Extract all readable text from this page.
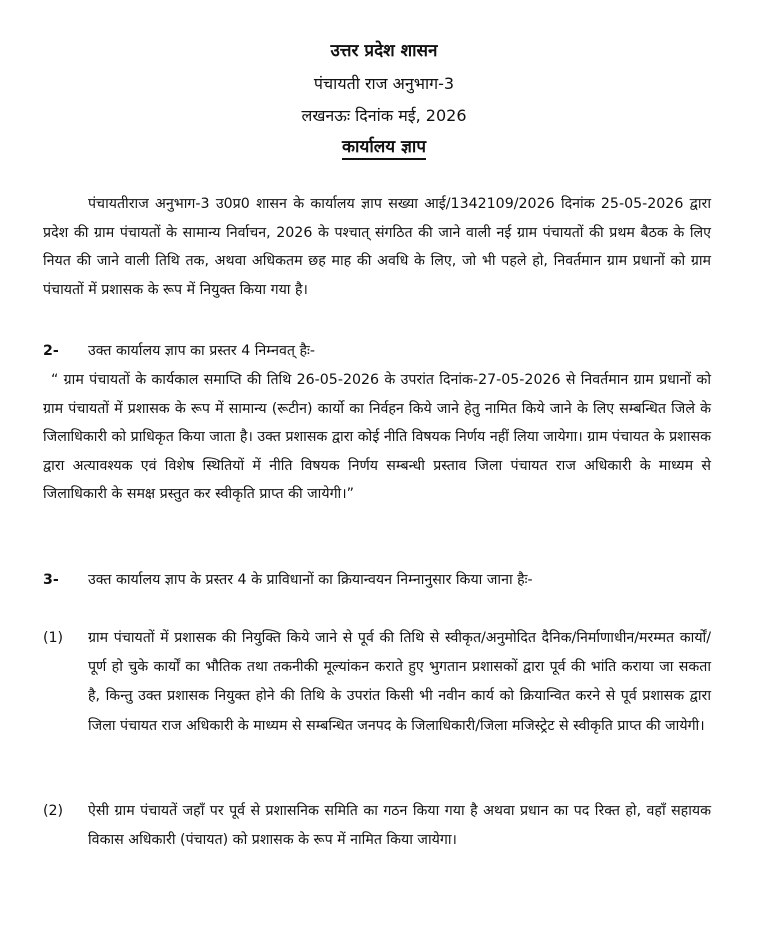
उत्तर प्रदेश शासन
पंचायती राज अनुभाग-3
लखनऊः दिनांक मई, 2026
कार्यालय ज्ञाप
पंचायतीराज अनुभाग-3 उ0प्र0 शासन के कार्यालय ज्ञाप सख्या आई/1342109/2026 दिनांक 25-05-2026 द्वारा प्रदेश की ग्राम पंचायतों के सामान्य निर्वाचन, 2026 के पश्चात् संगठित की जाने वाली नई ग्राम पंचायतों की प्रथम बैठक के लिए नियत की जाने वाली तिथि तक, अथवा अधिकतम छह माह की अवधि के लिए, जो भी पहले हो, निवर्तमान ग्राम प्रधानों को ग्राम पंचायतों में प्रशासक के रूप में नियुक्त किया गया है।
2- उक्त कार्यालय ज्ञाप का प्रस्तर 4 निम्नवत् हैः-
“ ग्राम पंचायतों के कार्यकाल समाप्ति की तिथि 26-05-2026 के उपरांत दिनांक-27-05-2026 से निवर्तमान ग्राम प्रधानों को ग्राम पंचायतों में प्रशासक के रूप में सामान्य (रूटीन) कार्यो का निर्वहन किये जाने हेतु नामित किये जाने के लिए सम्बन्धित जिले के जिलाधिकारी को प्राधिकृत किया जाता है। उक्त प्रशासक द्वारा कोई नीति विषयक निर्णय नहीं लिया जायेगा। ग्राम पंचायत के प्रशासक द्वारा अत्यावश्यक एवं विशेष स्थितियों में नीति विषयक निर्णय सम्बन्धी प्रस्ताव जिला पंचायत राज अधिकारी के माध्यम से जिलाधिकारी के समक्ष प्रस्तुत कर स्वीकृति प्राप्त की जायेगी।”
3-	उक्त कार्यालय ज्ञाप के प्रस्तर 4 के प्राविधानों का क्रियान्वयन निम्नानुसार किया जाना हैः-
(1) ग्राम पंचायतों में प्रशासक की नियुक्ति किये जाने से पूर्व की तिथि से स्वीकृत/अनुमोदित दैनिक/निर्माणाधीन/मरम्मत कार्यों/पूर्ण हो चुके कार्यों का भौतिक तथा तकनीकी मूल्यांकन कराते हुए भुगतान प्रशासकों द्वारा पूर्व की भांति कराया जा सकता है, किन्तु उक्त प्रशासक नियुक्त होने की तिथि के उपरांत किसी भी नवीन कार्य को क्रियान्वित करने से पूर्व प्रशासक द्वारा जिला पंचायत राज अधिकारी के माध्यम से सम्बन्धित जनपद के जिलाधिकारी/जिला मजिस्ट्रेट से स्वीकृति प्राप्त की जायेगी।
(2) ऐसी ग्राम पंचायतें जहाँ पर पूर्व से प्रशासनिक समिति का गठन किया गया है अथवा प्रधान का पद रिक्त हो, वहाँ सहायक विकास अधिकारी (पंचायत) को प्रशासक के रूप में नामित किया जायेगा।
